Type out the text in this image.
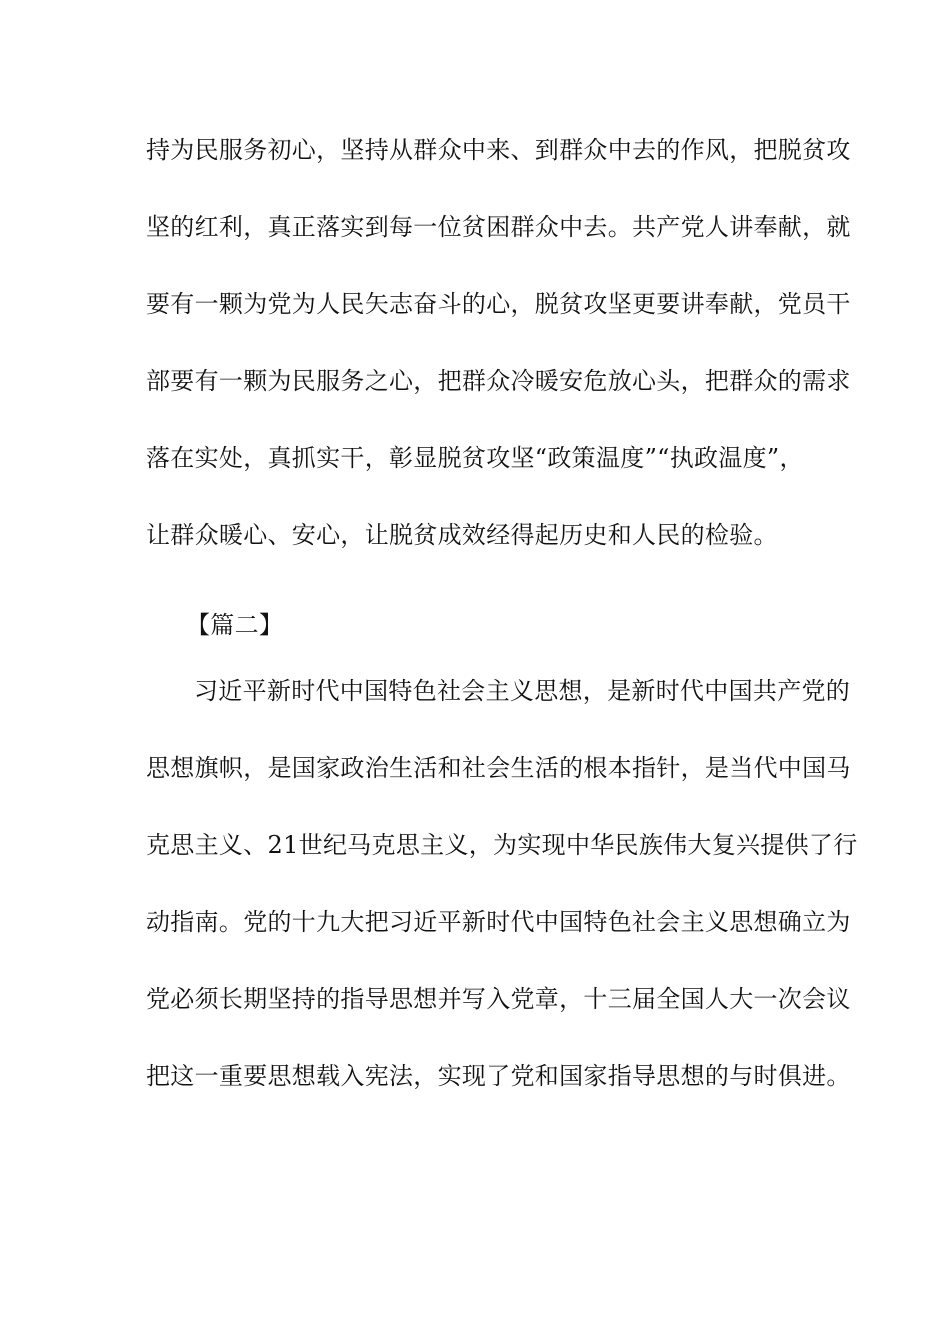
持为民服务初心，坚持从群众中来、到群众中去的作风，把脱贫攻
坚的红利，真正落实到每一位贫困群众中去。共产党人讲奉献，就
要有一颗为党为人民矢志奋斗的心，脱贫攻坚更要讲奉献，党员干
部要有一颗为民服务之心，把群众冷暖安危放心头，把群众的需求
落在实处，真抓实干，彰显脱贫攻坚“政策温度”“执政温度”，
让群众暖心、安心，让脱贫成效经得起历史和人民的检验。
【篇二】
习近平新时代中国特色社会主义思想，是新时代中国共产党的
思想旗帜，是国家政治生活和社会生活的根本指针，是当代中国马
克思主义、21世纪马克思主义，为实现中华民族伟大复兴提供了行
动指南。党的十九大把习近平新时代中国特色社会主义思想确立为
党必须长期坚持的指导思想并写入党章，十三届全国人大一次会议
把这一重要思想载入宪法，实现了党和国家指导思想的与时俱进。
